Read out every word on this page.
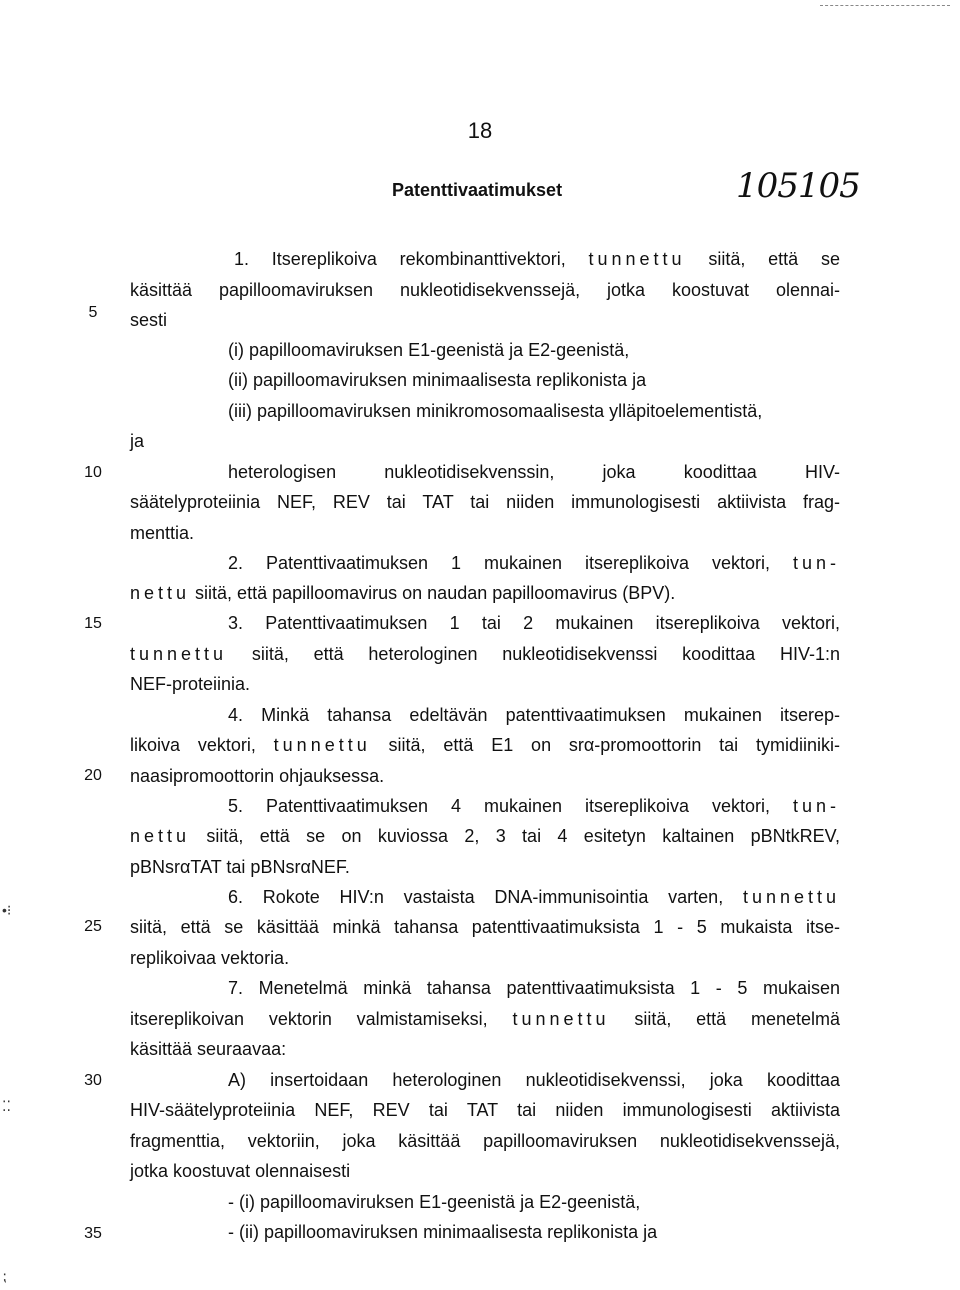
18
Patenttivaatimukset	105105
5
10
15
20
25
30
35
•⁝
⁚⁚
⁏
1. Itsereplikoiva rekombinanttivektori, tunnettu siitä, että se
käsittää papilloomaviruksen nukleotidisekvenssejä, jotka koostuvat olennai-
sesti
(i) papilloomaviruksen E1-geenistä ja E2-geenistä,
(ii) papilloomaviruksen minimaalisesta replikonista ja
(iii) papilloomaviruksen minikromosomaalisesta ylläpitoelementistä,
ja
heterologisen nukleotidisekvenssin, joka koodittaa HIV-
säätelyproteiinia NEF, REV tai TAT tai niiden immunologisesti aktiivista frag-
menttia.
2. Patenttivaatimuksen 1 mukainen itsereplikoiva vektori, tun-
nettu siitä, että papilloomavirus on naudan papilloomavirus (BPV).
3. Patenttivaatimuksen 1 tai 2 mukainen itsereplikoiva vektori,
tunnettu siitä, että heterologinen nukleotidisekvenssi koodittaa HIV-1:n
NEF-proteiinia.
4. Minkä tahansa edeltävän patenttivaatimuksen mukainen itserep-
likoiva vektori, tunnettu siitä, että E1 on srα-promoottorin tai tymidiiniki-
naasipromoottorin ohjauksessa.
5. Patenttivaatimuksen 4 mukainen itsereplikoiva vektori, tun-
nettu siitä, että se on kuviossa 2, 3 tai 4 esitetyn kaltainen pBNtkREV,
pBNsrαTAT tai pBNsrαNEF.
6. Rokote HIV:n vastaista DNA-immunisointia varten, tunnettu
siitä, että se käsittää minkä tahansa patenttivaatimuksista 1 - 5 mukaista itse-
replikoivaa vektoria.
7. Menetelmä minkä tahansa patenttivaatimuksista 1 - 5 mukaisen
itsereplikoivan vektorin valmistamiseksi, tunnettu siitä, että menetelmä
käsittää seuraavaa:
A) insertoidaan heterologinen nukleotidisekvenssi, joka koodittaa
HIV-säätelyproteiinia NEF, REV tai TAT tai niiden immunologisesti aktiivista
fragmenttia, vektoriin, joka käsittää papilloomaviruksen nukleotidisekvenssejä,
jotka koostuvat olennaisesti
- (i) papilloomaviruksen E1-geenistä ja E2-geenistä,
- (ii) papilloomaviruksen minimaalisesta replikonista ja
